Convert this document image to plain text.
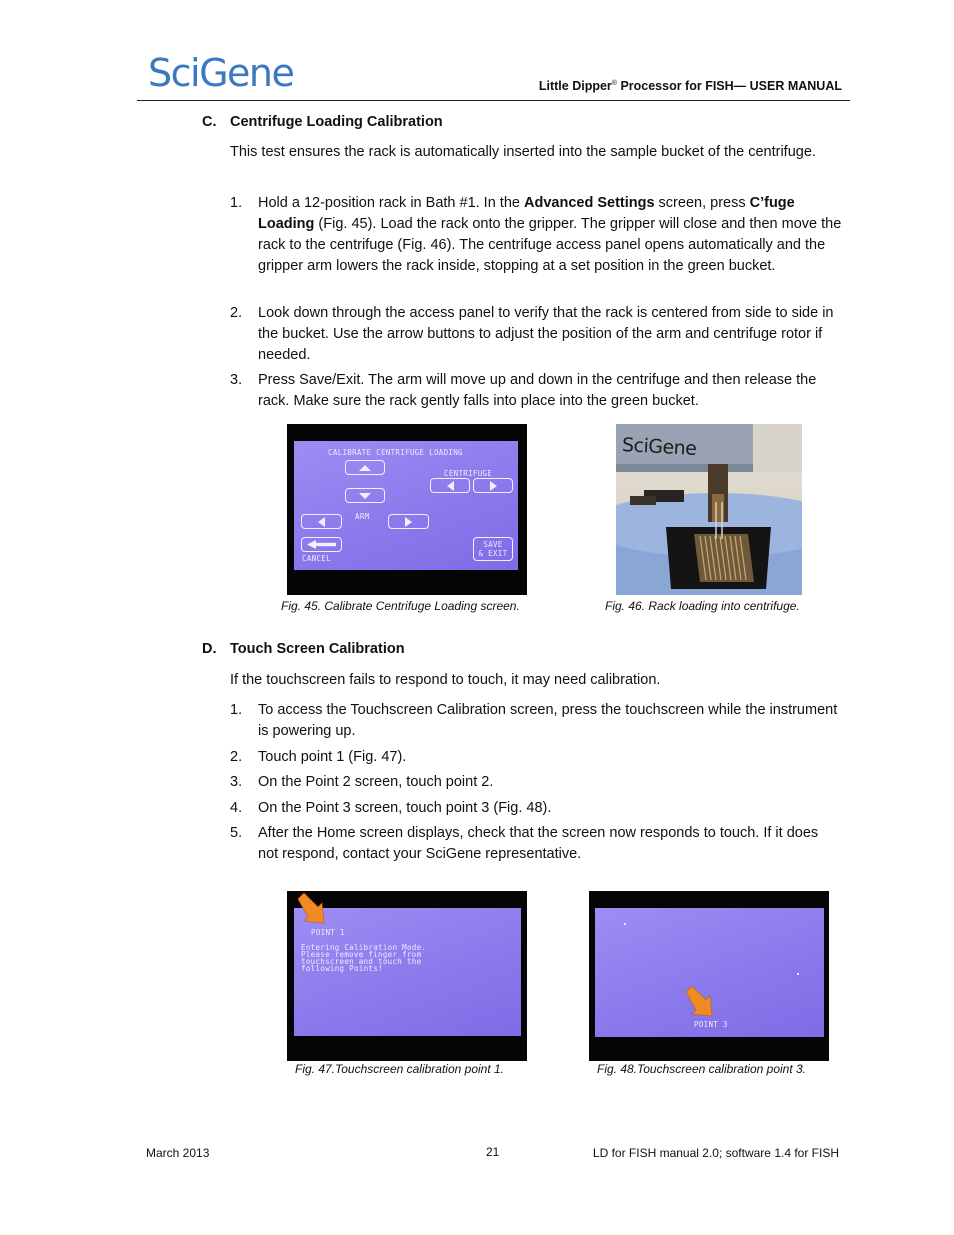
SciGene	Little Dipper® Processor for FISH— USER MANUAL
C. Centrifuge Loading Calibration
This test ensures the rack is automatically inserted into the sample bucket of the centrifuge.
1. Hold a 12-position rack in Bath #1. In the Advanced Settings screen, press C’fuge Loading (Fig. 45). Load the rack onto the gripper. The gripper will close and then move the rack to the centrifuge (Fig. 46). The centrifuge access panel opens automatically and the gripper arm lowers the rack inside, stopping at a set position in the green bucket.
2. Look down through the access panel to verify that the rack is centered from side to side in the bucket. Use the arrow buttons to adjust the position of the arm and centrifuge rotor if needed.
3. Press Save/Exit. The arm will move up and down in the centrifuge and then release the rack. Make sure the rack gently falls into place into the green bucket.
CALIBRATE CENTRIFUGE LOADING
CENTRIFUGE
ARM
CANCEL
SAVE
& EXIT
Fig. 45. Calibrate Centrifuge Loading screen.
SciGene
Fig. 46. Rack loading into centrifuge.
D. Touch Screen Calibration
If the touchscreen fails to respond to touch, it may need calibration.
1. To access the Touchscreen Calibration screen, press the touchscreen while the instrument is powering up.
2. Touch point 1 (Fig. 47).
3. On the Point 2 screen, touch point 2.
4. On the Point 3 screen, touch point 3 (Fig. 48).
5. After the Home screen displays, check that the screen now responds to touch. If it does not respond, contact your SciGene representative.
POINT 1
Entering Calibration Mode.
Please remove finger from
touchscreen and touch the
following Points!
Fig. 47.Touchscreen calibration point 1.
POINT 3
Fig. 48.Touchscreen calibration point 3.
March 2013	21	LD for FISH manual 2.0; software 1.4 for FISH
